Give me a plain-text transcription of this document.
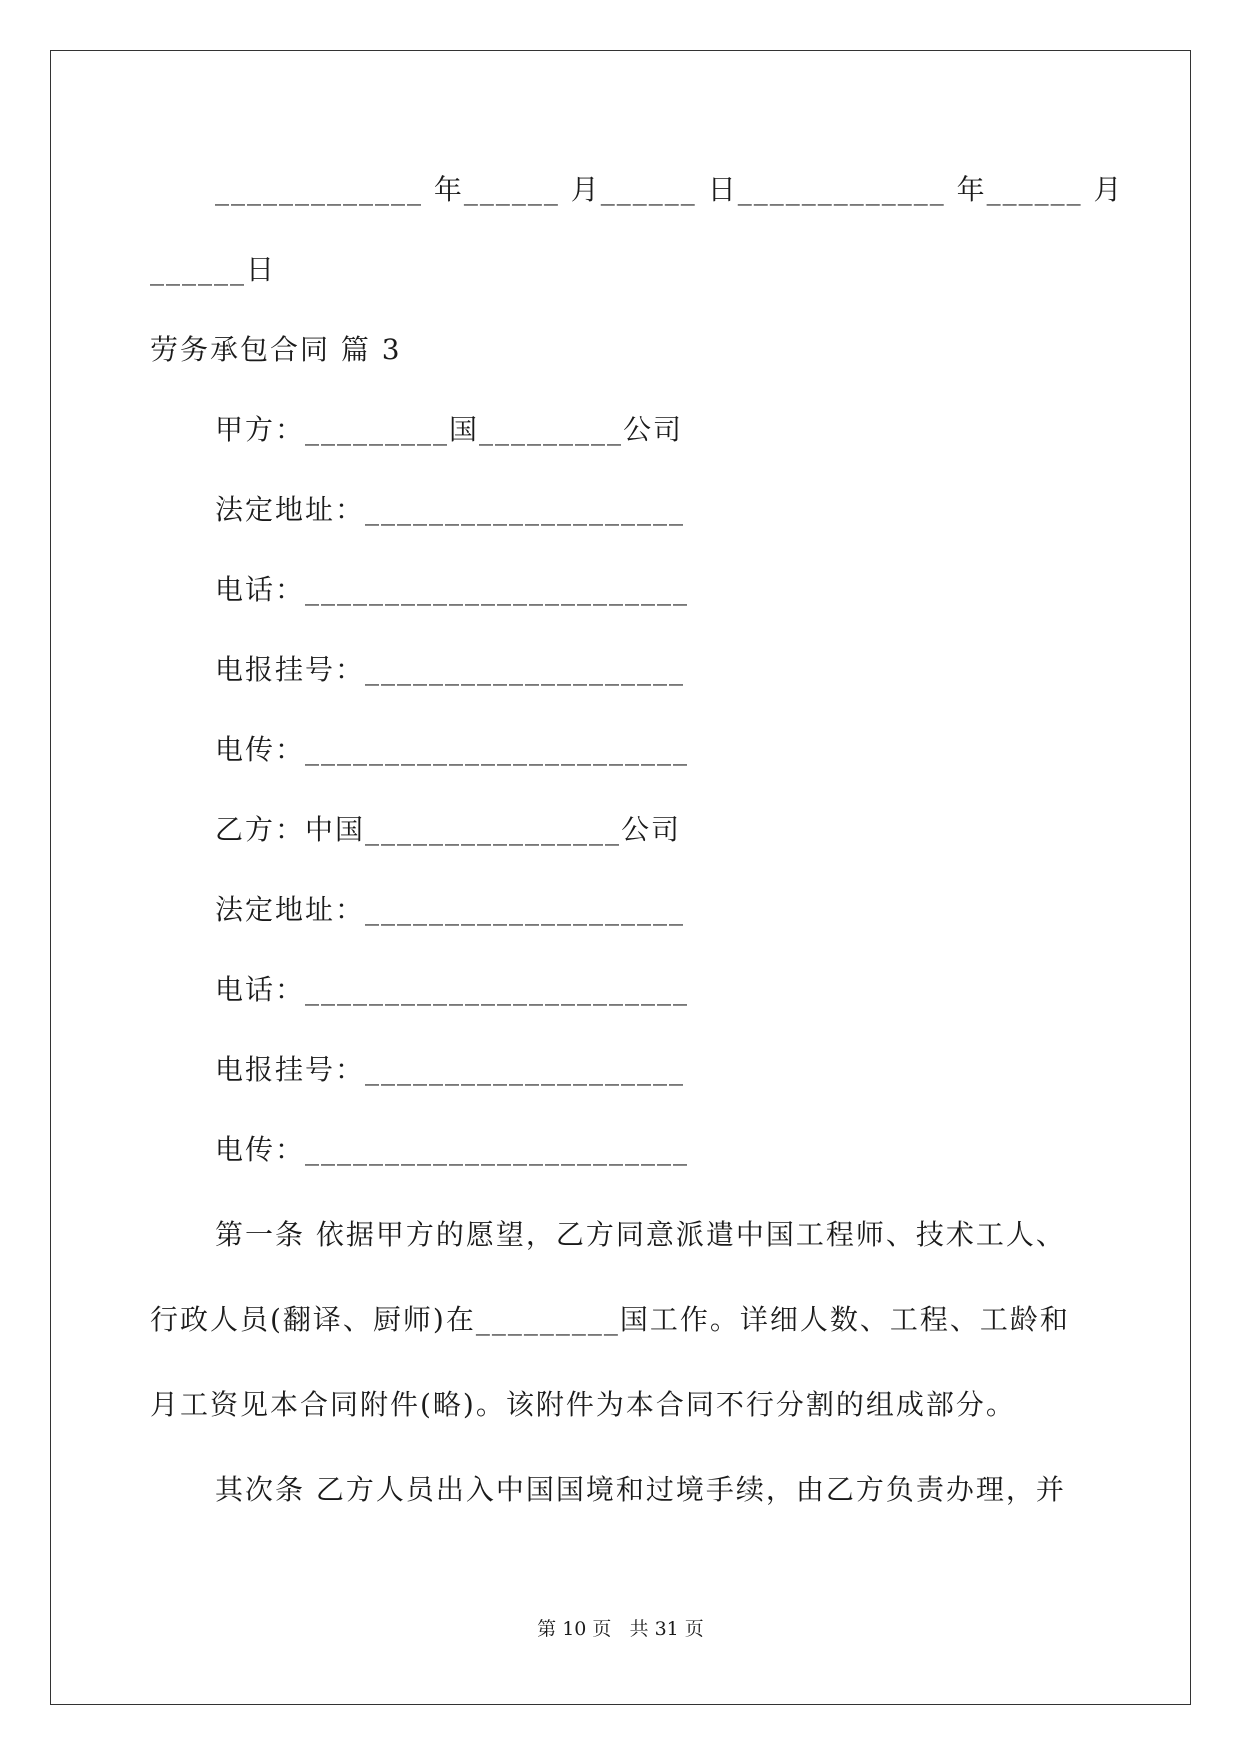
_____________ 年______ 月______ 日_____________ 年______ 月
______日
劳务承包合同 篇 3
甲方：_________国_________公司
法定地址：____________________
电话：________________________
电报挂号：____________________
电传：________________________
乙方：中国________________公司
法定地址：____________________
电话：________________________
电报挂号：____________________
电传：________________________
第一条 依据甲方的愿望，乙方同意派遣中国工程师、技术工人、
行政人员(翻译、厨师)在_________国工作。详细人数、工程、工龄和
月工资见本合同附件(略)。该附件为本合同不行分割的组成部分。
其次条 乙方人员出入中国国境和过境手续，由乙方负责办理，并
第 10 页   共 31 页
